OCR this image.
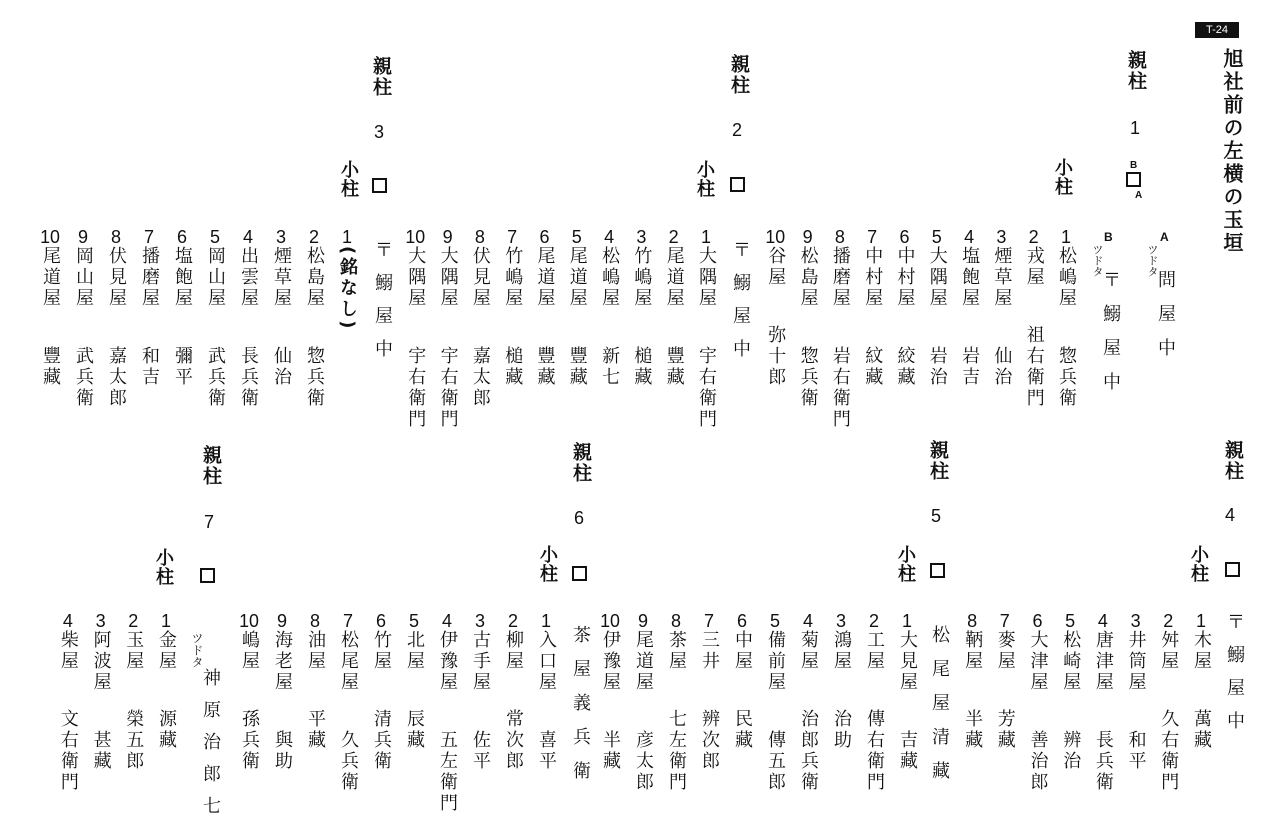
T-24
旭社前の左横の玉垣
親柱
1
小柱	B
A
A
B
ツドタ
ツドタ
問屋中
〒鰯屋中
親柱
2
小柱
〒鰯屋中
親柱
3
小柱
〒鰯屋中
親柱
4
小柱
〒鰯屋中
親柱
5
小柱
松尾屋清藏
親柱
6
小柱
茶屋義兵衛
親柱
7
小柱
ツドタ
神原治郎七
1松嶋屋　惣兵衛
2戎屋　祖右衛門
3煙草屋　仙治
4塩飽屋　岩吉
5大隅屋　岩治
6中村屋　絞藏
7中村屋　紋藏
8播磨屋　岩右衛門
9松島屋　惣兵衛
10谷屋　弥十郎
1大隅屋　宇右衛門
2尾道屋　豐藏
3竹嶋屋　槌藏
4松嶋屋　新七
5尾道屋　豐藏
6尾道屋　豐藏
7竹嶋屋　槌藏
8伏見屋　嘉太郎
9大隅屋　宇右衛門
10大隅屋　宇右衛門
1(銘なし)
2松島屋　惣兵衛
3煙草屋　仙治
4出雲屋　長兵衛
5岡山屋　武兵衛
6塩飽屋　彌平
7播磨屋　和吉
8伏見屋　嘉太郎
9岡山屋　武兵衛
10尾道屋　豐藏
1木屋　萬藏
2舛屋　久右衛門
3井筒屋　和平
4唐津屋　長兵衛
5松崎屋　辨治
6大津屋　善治郎
7麥屋　芳藏
8鞆屋　半藏
1大見屋　吉藏
2工屋　傳右衛門
3鴻屋　治助
4菊屋　治郎兵衛
5備前屋　傳五郎
6中屋　民藏
7三井　辨次郎
8茶屋　七左衛門
9尾道屋　彦太郎
10伊豫屋　半藏
1入口屋　喜平
2柳屋　常次郎
3古手屋　佐平
4伊豫屋　五左衛門
5北屋　辰藏
6竹屋　清兵衛
7松尾屋　久兵衛
8油屋　平藏
9海老屋　與助
10嶋屋　孫兵衛
1金屋　源藏
2玉屋　榮五郎
3阿波屋　甚藏
4柴屋　文右衛門
